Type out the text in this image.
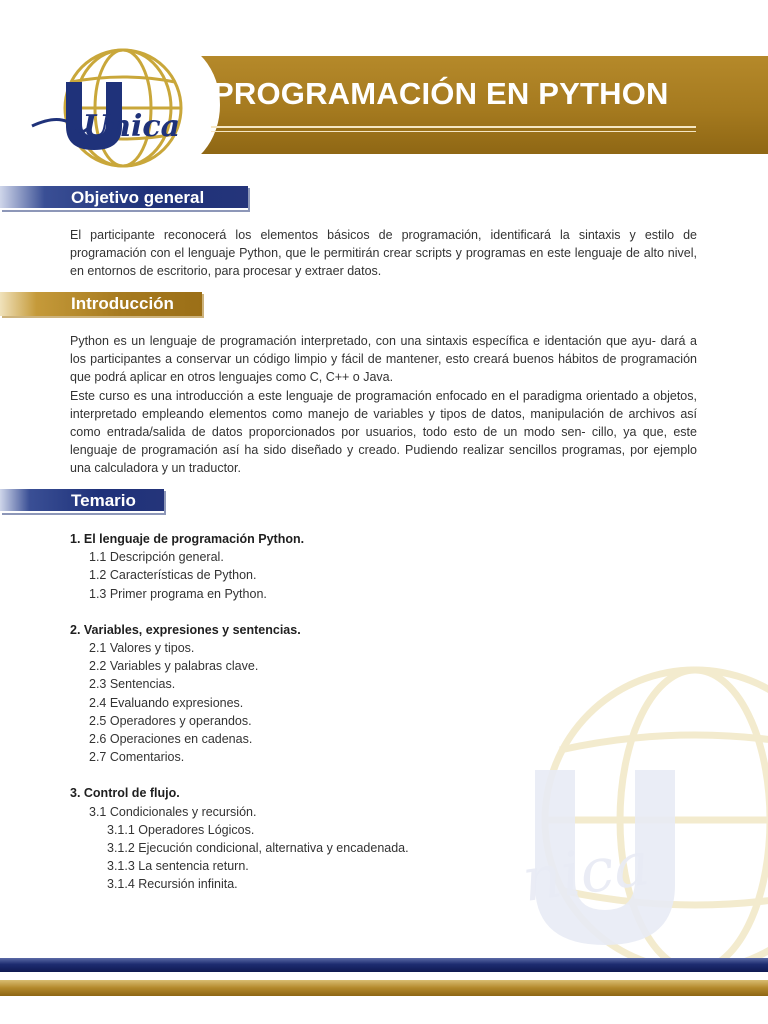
nica
PROGRAMACIÓN EN PYTHON
Unica
Objetivo general
El participante reconocerá los elementos básicos de programación, identificará la sintaxis y estilo de programación con el lenguaje Python, que le permitirán crear scripts y programas en este lenguaje de alto nivel, en entornos de escritorio, para procesar y extraer datos.
Introducción
Python es un lenguaje de programación interpretado, con una sintaxis específica e identación que ayu- dará a los participantes a conservar un código limpio y fácil de mantener, esto creará buenos hábitos de programación que podrá aplicar en otros lenguajes como C, C++ o Java.
Este curso es una introducción a este lenguaje de programación enfocado en el paradigma orientado a objetos, interpretado empleando elementos como manejo de variables y tipos de datos, manipulación de archivos así como entrada/salida de datos proporcionados por usuarios, todo esto de un modo sen- cillo, ya que, este lenguaje de programación así ha sido diseñado y creado. Pudiendo realizar sencillos programas, por ejemplo una calculadora y un traductor.
Temario
1. El lenguaje de programación Python.
1.1 Descripción general.
1.2 Características de Python.
1.3 Primer programa en Python.
2. Variables, expresiones y sentencias.
2.1 Valores y tipos.
2.2 Variables y palabras clave.
2.3 Sentencias.
2.4 Evaluando expresiones.
2.5 Operadores y operandos.
2.6 Operaciones en cadenas.
2.7 Comentarios.
3. Control de flujo.
3.1 Condicionales y recursión.
3.1.1 Operadores Lógicos.
3.1.2 Ejecución condicional, alternativa y encadenada.
3.1.3 La sentencia return.
3.1.4 Recursión infinita.
